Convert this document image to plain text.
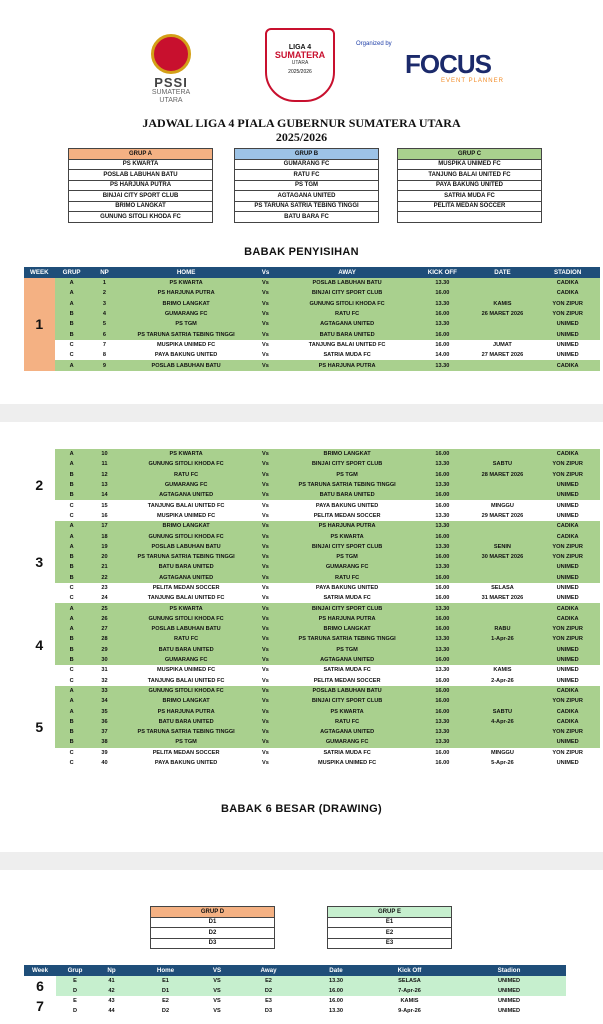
PSSI
SUMATERA UTARA
LIGA 4
SUMATERA
UTARA
2025/2026
Organized by
FOCUS
EVENT PLANNER
JADWAL LIGA 4 PIALA GUBERNUR SUMATERA UTARA
2025/2026
GRUP A
PS KWARTA
POSLAB LABUHAN BATU
PS HARJUNA PUTRA
BINJAI CITY SPORT CLUB
BRIMO LANGKAT
GUNUNG SITOLI KHODA FC
GRUP B
GUMARANG FC
RATU FC
PS TGM
AGTAGANA UNITED
PS TARUNA SATRIA TEBING TINGGI
BATU BARA FC
GRUP C
MUSPIKA UNIMED FC
TANJUNG BALAI UNITED FC
PAYA BAKUNG UNITED
SATRIA MUDA FC
PELITA MEDAN SOCCER

BABAK PENYISIHAN
WEEK	GRUP	NP	HOME	Vs	AWAY	KICK OFF	DATE	STADION
1	A	1	PS KWARTA	Vs	POSLAB LABUHAN BATU	13.30		CADIKA
	A	2	PS HARJUNA PUTRA	Vs	BINJAI CITY SPORT CLUB	16.00		CADIKA
	A	3	BRIMO LANGKAT	Vs	GUNUNG SITOLI KHODA FC	13.30	KAMIS	YON ZIPUR
	B	4	GUMARANG FC	Vs	RATU FC	16.00	26 MARET 2026	YON ZIPUR
	B	5	PS TGM	Vs	AGTAGANA UNITED	13.30		UNIMED
	B	6	PS TARUNA SATRIA TEBING TINGGI	Vs	BATU BARA UNITED	16.00		UNIMED
	C	7	MUSPIKA UNIMED FC	Vs	TANJUNG BALAI UNITED FC	16.00	JUMAT	UNIMED
	C	8	PAYA BAKUNG UNITED	Vs	SATRIA MUDA FC	14.00	27 MARET 2026	UNIMED
	A	9	POSLAB LABUHAN BATU	Vs	PS HARJUNA PUTRA	13.30		CADIKA
2	A	10	PS KWARTA	Vs	BRIMO LANGKAT	16.00		CADIKA
	A	11	GUNUNG SITOLI KHODA FC	Vs	BINJAI CITY SPORT CLUB	13.30	SABTU	YON ZIPUR
	B	12	RATU FC	Vs	PS TGM	16.00	28 MARET 2026	YON ZIPUR
	B	13	GUMARANG FC	Vs	PS TARUNA SATRIA TEBING TINGGI	13.30		UNIMED
	B	14	AGTAGANA UNITED	Vs	BATU BARA UNITED	16.00		UNIMED
	C	15	TANJUNG BALAI UNITED FC	Vs	PAYA BAKUNG UNITED	16.00	MINGGU	UNIMED
	C	16	MUSPIKA UNIMED FC	Vs	PELITA MEDAN SOCCER	13.30	29 MARET 2026	UNIMED
3	A	17	BRIMO LANGKAT	Vs	PS HARJUNA PUTRA	13.30		CADIKA
	A	18	GUNUNG SITOLI KHODA FC	Vs	PS KWARTA	16.00		CADIKA
	A	19	POSLAB LABUHAN BATU	Vs	BINJAI CITY SPORT CLUB	13.30	SENIN	YON ZIPUR
	B	20	PS TARUNA SATRIA TEBING TINGGI	Vs	PS TGM	16.00	30 MARET 2026	YON ZIPUR
	B	21	BATU BARA UNITED	Vs	GUMARANG FC	13.30		UNIMED
	B	22	AGTAGANA UNITED	Vs	RATU FC	16.00		UNIMED
	C	23	PELITA MEDAN SOCCER	Vs	PAYA BAKUNG UNITED	16.00	SELASA	UNIMED
	C	24	TANJUNG BALAI UNITED FC	Vs	SATRIA MUDA FC	16.00	31 MARET 2026	UNIMED
4	A	25	PS KWARTA	Vs	BINJAI CITY SPORT CLUB	13.30		CADIKA
	A	26	GUNUNG SITOLI KHODA FC	Vs	PS HARJUNA PUTRA	16.00		CADIKA
	A	27	POSLAB LABUHAN BATU	Vs	BRIMO LANGKAT	16.00	RABU	YON ZIPUR
	B	28	RATU FC	Vs	PS TARUNA SATRIA TEBING TINGGI	13.30	1-Apr-26	YON ZIPUR
	B	29	BATU BARA UNITED	Vs	PS TGM	13.30		UNIMED
	B	30	GUMARANG FC	Vs	AGTAGANA UNITED	16.00		UNIMED
	C	31	MUSPIKA UNIMED FC	Vs	SATRIA MUDA FC	13.30	KAMIS	UNIMED
	C	32	TANJUNG BALAI UNITED FC	Vs	PELITA MEDAN SOCCER	16.00	2-Apr-26	UNIMED
5	A	33	GUNUNG SITOLI KHODA FC	Vs	POSLAB LABUHAN BATU	16.00		CADIKA
	A	34	BRIMO LANGKAT	Vs	BINJAI CITY SPORT CLUB	16.00		YON ZIPUR
	A	35	PS HARJUNA PUTRA	Vs	PS KWARTA	16.00	SABTU	CADIKA
	B	36	BATU BARA UNITED	Vs	RATU FC	13.30	4-Apr-26	CADIKA
	B	37	PS TARUNA SATRIA TEBING TINGGI	Vs	AGTAGANA UNITED	13.30		YON ZIPUR
	B	38	PS TGM	Vs	GUMARANG FC	13.30		UNIMED
	C	39	PELITA MEDAN SOCCER	Vs	SATRIA MUDA FC	16.00	MINGGU	YON ZIPUR
	C	40	PAYA BAKUNG UNITED	Vs	MUSPIKA UNIMED FC	16.00	5-Apr-26	UNIMED
BABAK 6 BESAR (DRAWING)
GRUP D
D1
D2
D3
GRUP E
E1
E2
E3
Week	Grup	Np	Home	VS	Away	Date	Kick Off	Stadion
6	E	41	E1	VS	E2	13.30	SELASA	UNIMED
	D	42	D1	VS	D2	16.00	7-Apr-26	UNIMED
7	E	43	E2	VS	E3	16.00	KAMIS	UNIMED
	D	44	D2	VS	D3	13.30	9-Apr-26	UNIMED
